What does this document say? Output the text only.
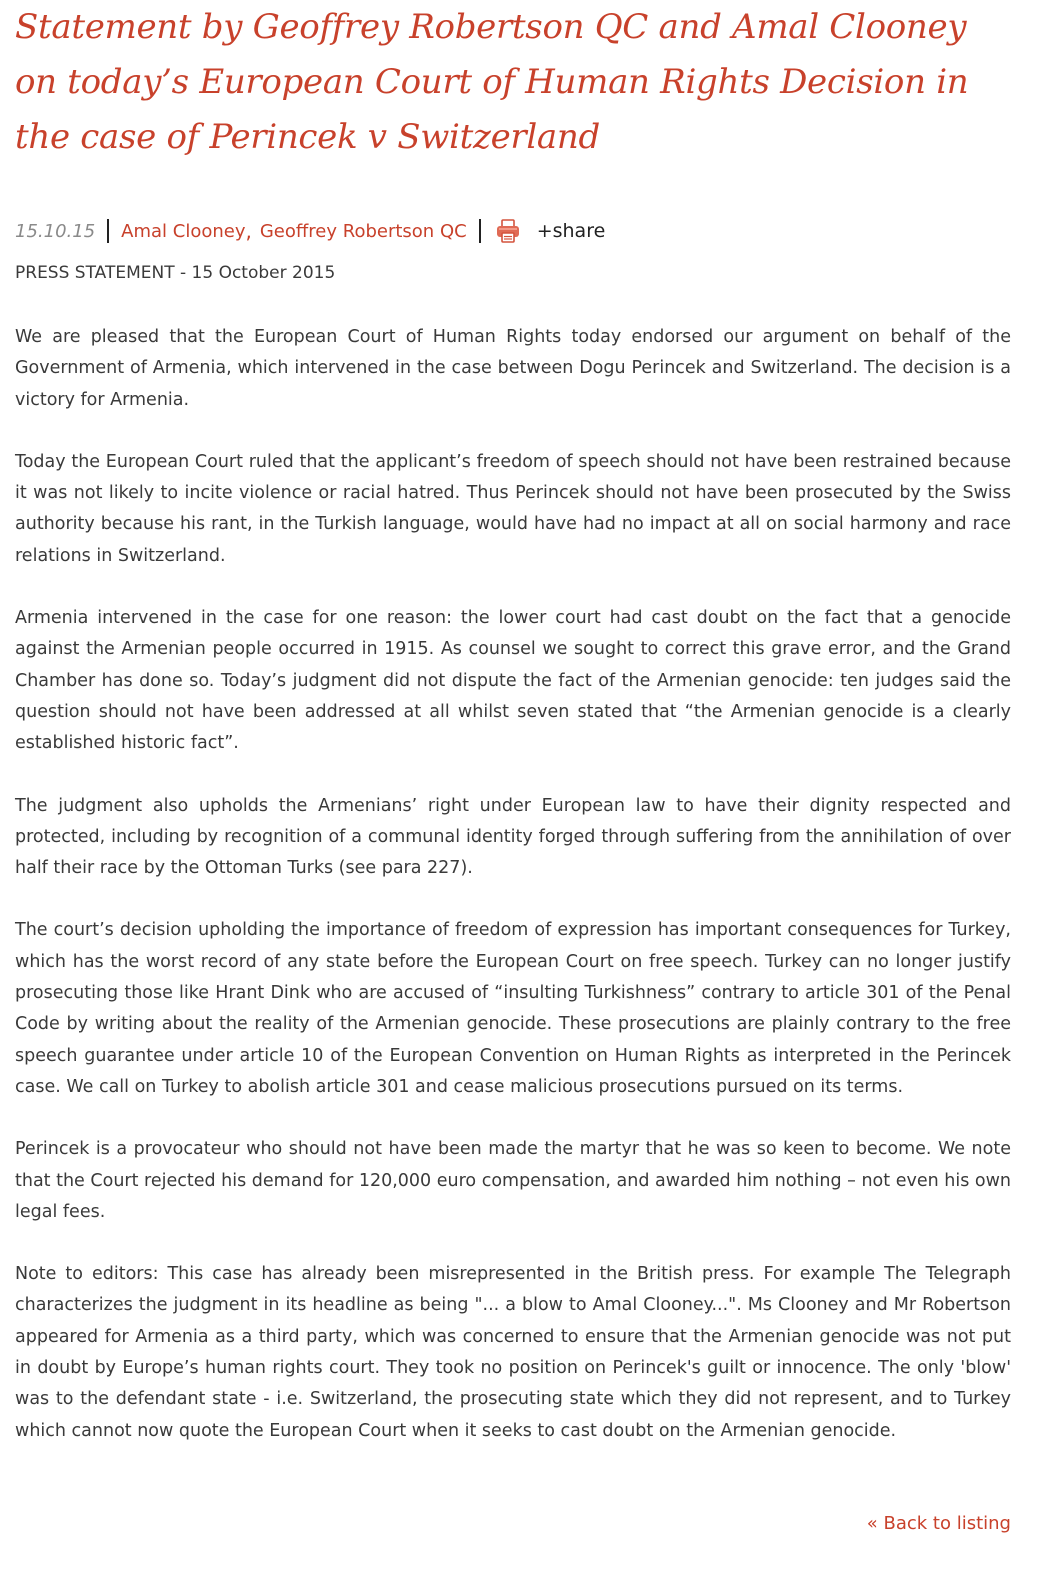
Statement by Geoffrey Robertson QC and Amal Clooney on today’s European Court of Human Rights Decision in the case of Perincek v Switzerland
15.10.15 Amal Clooney , Geoffrey Robertson QC	+share
PRESS STATEMENT - 15 October 2015

We are pleased that the European Court of Human Rights today endorsed our argument on behalf of the Government of Armenia, which intervened in the case between Dogu Perincek and Switzerland. The decision is a victory for Armenia.

Today the European Court ruled that the applicant’s freedom of speech should not have been restrained because it was not likely to incite violence or racial hatred. Thus Perincek should not have been prosecuted by the Swiss authority because his rant, in the Turkish language, would have had no impact at all on social harmony and race relations in Switzerland.

Armenia intervened in the case for one reason: the lower court had cast doubt on the fact that a genocide against the Armenian people occurred in 1915. As counsel we sought to correct this grave error, and the Grand Chamber has done so. Today’s judgment did not dispute the fact of the Armenian genocide: ten judges said the question should not have been addressed at all whilst seven stated that “the Armenian genocide is a clearly established historic fact”.

The judgment also upholds the Armenians’ right under European law to have their dignity respected and protected, including by recognition of a communal identity forged through suffering from the annihilation of over half their race by the Ottoman Turks (see para 227).

The court’s decision upholding the importance of freedom of expression has important consequences for Turkey, which has the worst record of any state before the European Court on free speech. Turkey can no longer justify prosecuting those like Hrant Dink who are accused of “insulting Turkishness” contrary to article 301 of the Penal Code by writing about the reality of the Armenian genocide. These prosecutions are plainly contrary to the free speech guarantee under article 10 of the European Convention on Human Rights as interpreted in the Perincek case. We call on Turkey to abolish article 301 and cease malicious prosecutions pursued on its terms.

Perincek is a provocateur who should not have been made the martyr that he was so keen to become. We note that the Court rejected his demand for 120,000 euro compensation, and awarded him nothing – not even his own legal fees.

Note to editors: This case has already been misrepresented in the British press. For example The Telegraph characterizes the judgment in its headline as being "... a blow to Amal Clooney...". Ms Clooney and Mr Robertson appeared for Armenia as a third party, which was concerned to ensure that the Armenian genocide was not put in doubt by Europe’s human rights court. They took no position on Perincek's guilt or innocence. The only 'blow' was to the defendant state - i.e. Switzerland, the prosecuting state which they did not represent, and to Turkey which cannot now quote the European Court when it seeks to cast doubt on the Armenian genocide.

« Back to listing
